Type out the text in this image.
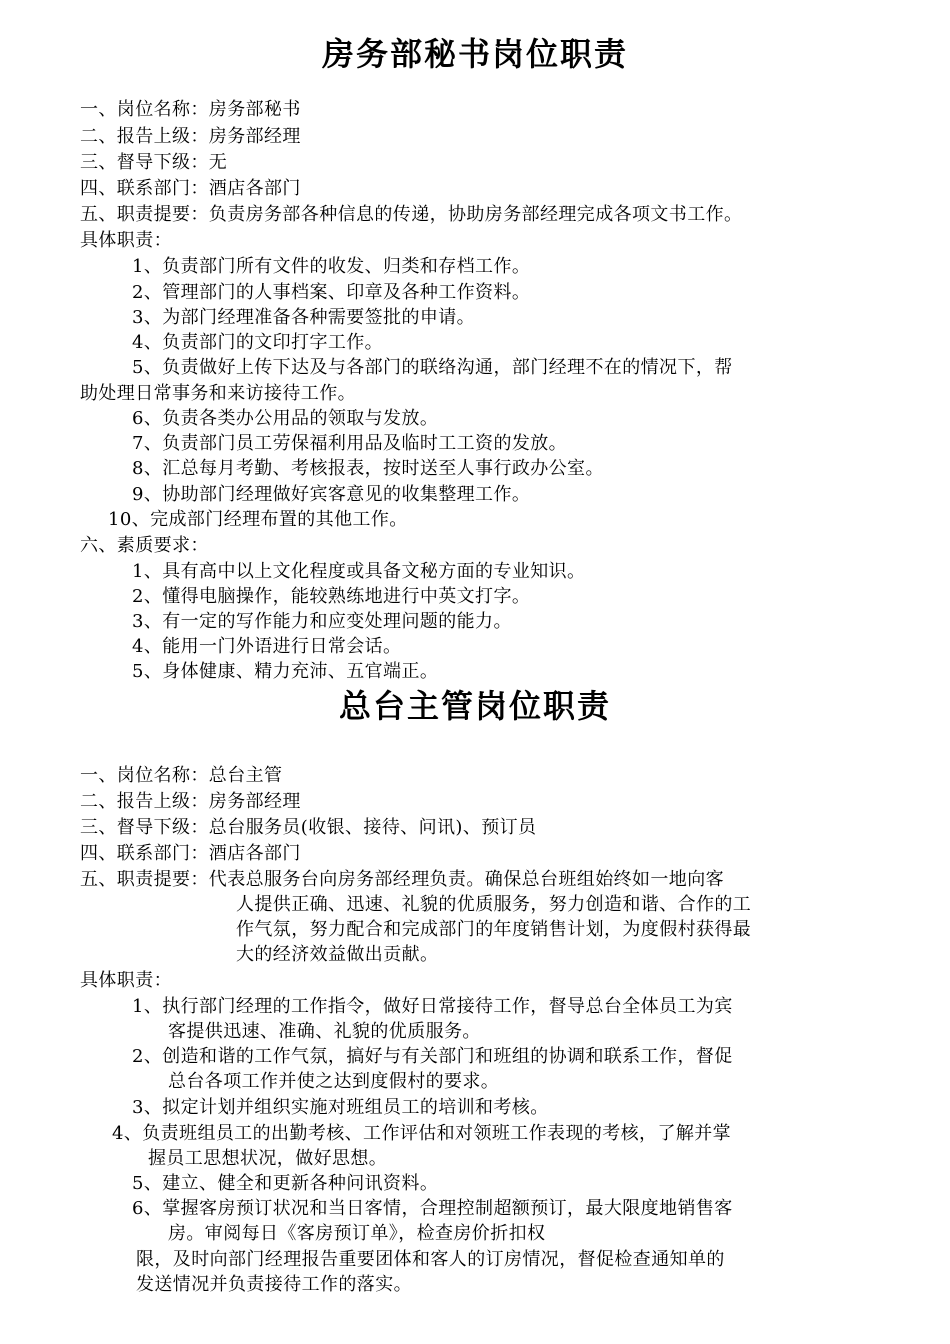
房务部秘书岗位职责
一、岗位名称：房务部秘书
二、报告上级：房务部经理
三、督导下级：无
四、联系部门：酒店各部门
五、职责提要：负责房务部各种信息的传递，协助房务部经理完成各项文书工作。
具体职责：
1、负责部门所有文件的收发、归类和存档工作。
2、管理部门的人事档案、印章及各种工作资料。
3、为部门经理准备各种需要签批的申请。
4、负责部门的文印打字工作。
5、负责做好上传下达及与各部门的联络沟通，部门经理不在的情况下，帮
助处理日常事务和来访接待工作。
6、负责各类办公用品的领取与发放。
7、负责部门员工劳保福利用品及临时工工资的发放。
8、汇总每月考勤、考核报表，按时送至人事行政办公室。
9、协助部门经理做好宾客意见的收集整理工作。
10、完成部门经理布置的其他工作。
六、素质要求：
1、具有高中以上文化程度或具备文秘方面的专业知识。
2、懂得电脑操作，能较熟练地进行中英文打字。
3、有一定的写作能力和应变处理问题的能力。
4、能用一门外语进行日常会话。
5、身体健康、精力充沛、五官端正。
总台主管岗位职责
一、岗位名称：总台主管
二、报告上级：房务部经理
三、督导下级：总台服务员(收银、接待、问讯)、预订员
四、联系部门：酒店各部门
五、职责提要：代表总服务台向房务部经理负责。确保总台班组始终如一地向客
人提供正确、迅速、礼貌的优质服务，努力创造和谐、合作的工
作气氛，努力配合和完成部门的年度销售计划，为度假村获得最
大的经济效益做出贡献。
具体职责：
1、执行部门经理的工作指令，做好日常接待工作，督导总台全体员工为宾
客提供迅速、准确、礼貌的优质服务。
2、创造和谐的工作气氛，搞好与有关部门和班组的协调和联系工作，督促
总台各项工作并使之达到度假村的要求。
3、拟定计划并组织实施对班组员工的培训和考核。
4、负责班组员工的出勤考核、工作评估和对领班工作表现的考核，了解并掌
握员工思想状况，做好思想。
5、建立、健全和更新各种问讯资料。
6、掌握客房预订状况和当日客情，合理控制超额预订，最大限度地销售客
房。审阅每日《客房预订单》，检查房价折扣权
限，及时向部门经理报告重要团体和客人的订房情况，督促检查通知单的
发送情况并负责接待工作的落实。
